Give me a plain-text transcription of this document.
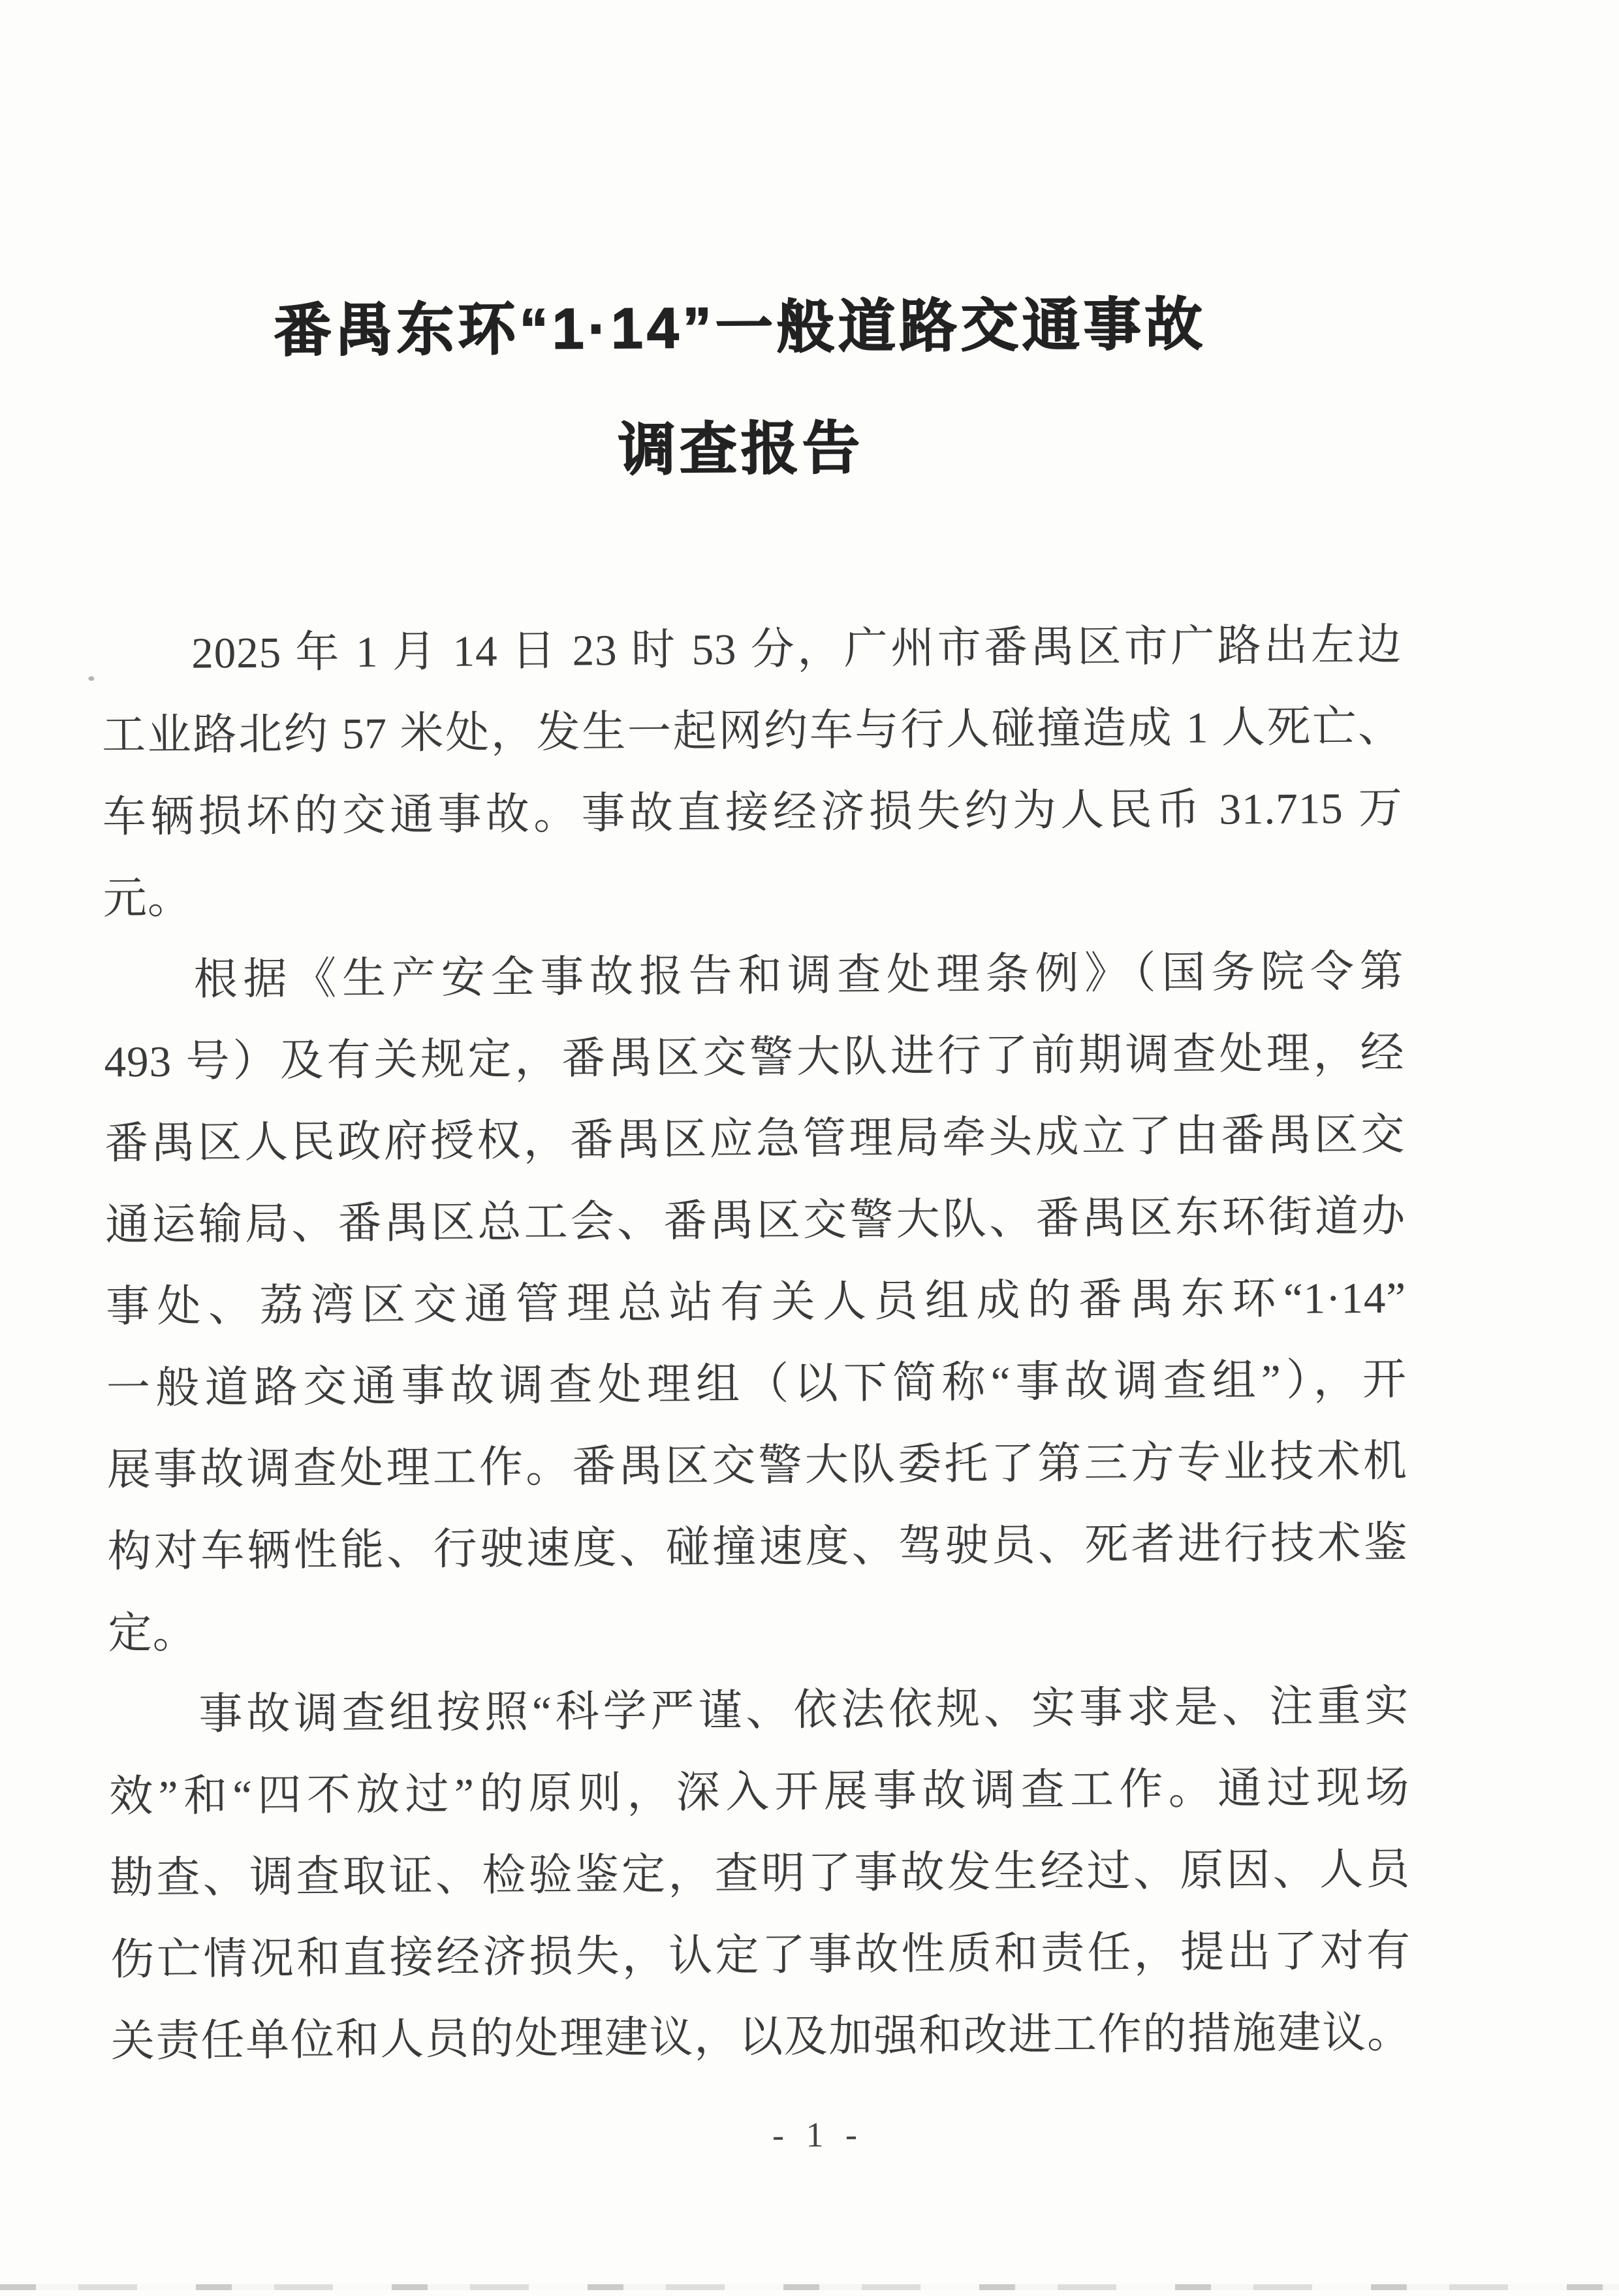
番禺东环“1·14”一般道路交通事故
调查报告
2025 年 1 月 14 日 23 时 53 分，广州市番禺区市广路出左边
工业路北约 57 米处，发生一起网约车与行人碰撞造成 1 人死亡、
车辆损坏的交通事故。事故直接经济损失约为人民币 31.715 万
元。
根据《生产安全事故报告和调查处理条例》（国务院令第
493 号）及有关规定，番禺区交警大队进行了前期调查处理，经
番禺区人民政府授权，番禺区应急管理局牵头成立了由番禺区交
通运输局、番禺区总工会、番禺区交警大队、番禺区东环街道办
事处、荔湾区交通管理总站有关人员组成的番禺东环“1·14”
一般道路交通事故调查处理组（以下简称“事故调查组”），开
展事故调查处理工作。番禺区交警大队委托了第三方专业技术机
构对车辆性能、行驶速度、碰撞速度、驾驶员、死者进行技术鉴
定。
事故调查组按照“科学严谨、依法依规、实事求是、注重实
效”和“四不放过”的原则，深入开展事故调查工作。通过现场
勘查、调查取证、检验鉴定，查明了事故发生经过、原因、人员
伤亡情况和直接经济损失，认定了事故性质和责任，提出了对有
关责任单位和人员的处理建议，以及加强和改进工作的措施建议。
- 1 -
